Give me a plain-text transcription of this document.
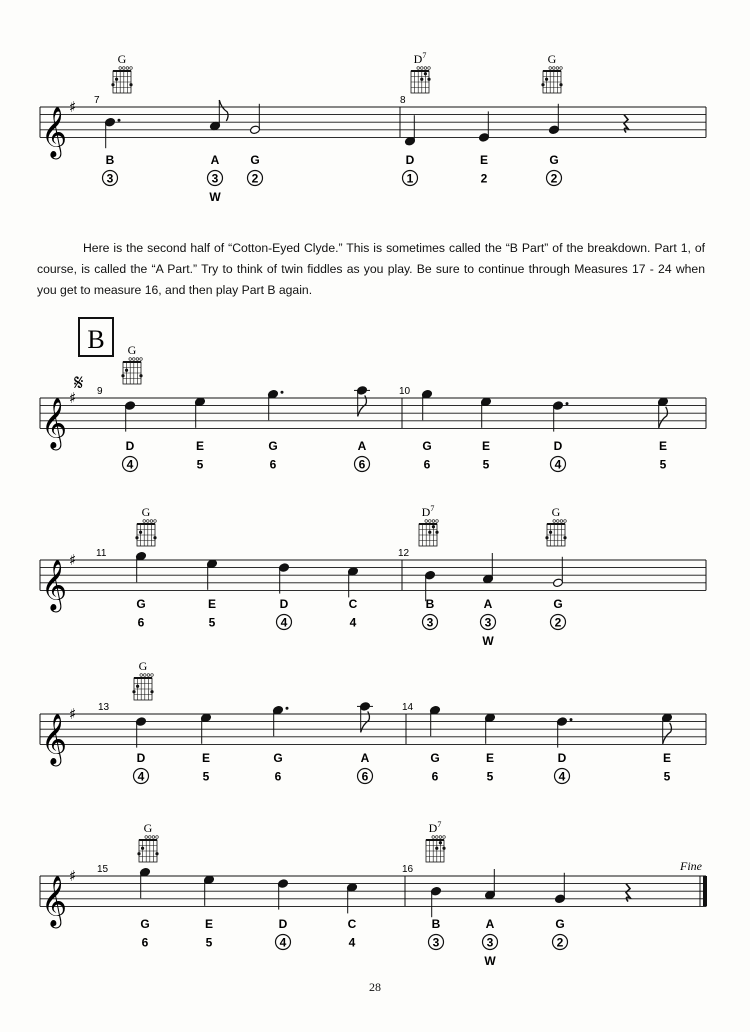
𝄞 ♯
G	$D^7$	G
7
B
3
A
3
W
G
2
8
D
1
E
2
G
2
𝄞 ♯
G
9
D
4
E
5
G
6
A
6
10
G
6
E
5
D
4
E
5
B
𝄋
𝄞 ♯
G	$D^7$	G
11
G
6
E
5
D
4
C
4
12
B
3
A
3
W
G
2
𝄞 ♯
G
13
D
4
E
5
G
6
A
6
14
G
6
E
5
D
4
E
5
Fine
𝄞 ♯
G	$D^7$
15
G
6
E
5
D
4
C
4
16
B
3
A
3
W
G
2
Here is the second half of “Cotton-Eyed Clyde.” This is sometimes called the “B Part” of the breakdown. Part 1, of course, is called the “A Part.” Try to think of twin fiddles as you play. Be sure to continue through Measures 17 - 24 when you get to measure 16, and then play Part B again.
28
